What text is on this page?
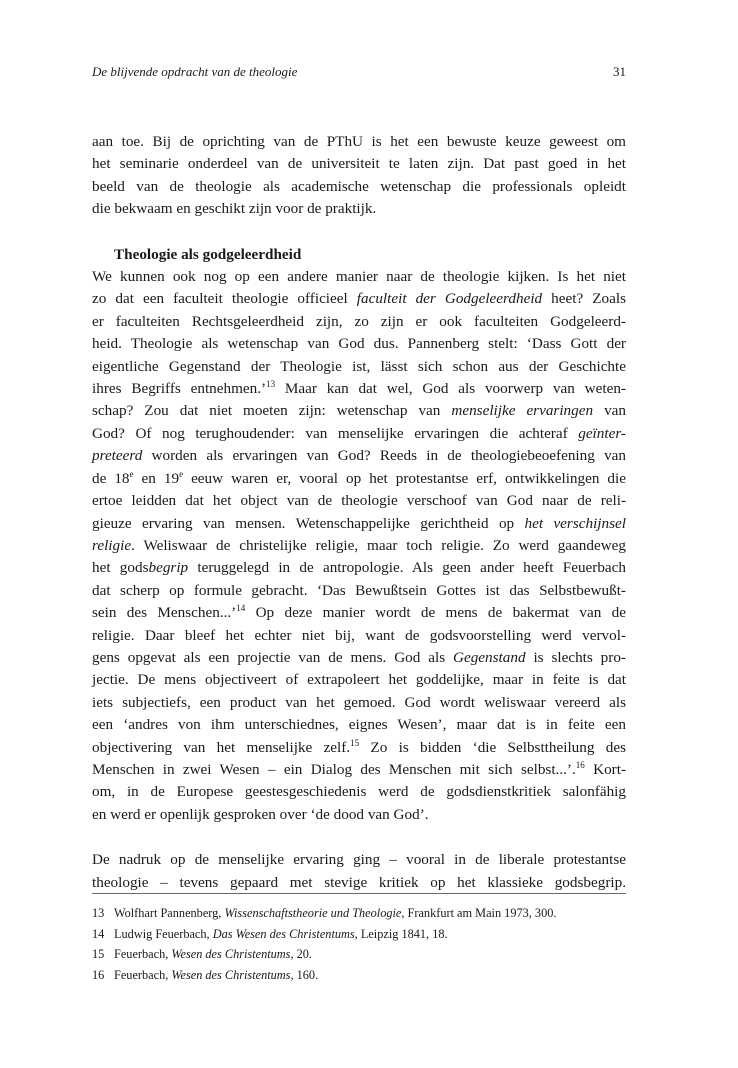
De blijvende opdracht van de theologie	31

aan toe. Bij de oprichting van de PThU is het een bewuste keuze geweest om
het seminarie onderdeel van de universiteit te laten zijn. Dat past goed in het
beeld van de theologie als academische wetenschap die professionals opleidt
die bekwaam en geschikt zijn voor de praktijk.

Theologie als godgeleerdheid

We kunnen ook nog op een andere manier naar de theologie kijken. Is het niet
zo dat een faculteit theologie officieel faculteit der Godgeleerdheid heet? Zoals
er faculteiten Rechtsgeleerdheid zijn, zo zijn er ook faculteiten Godgeleerd-
heid. Theologie als wetenschap van God dus. Pannenberg stelt: ‘Dass Gott der
eigentliche Gegenstand der Theologie ist, lässt sich schon aus der Geschichte
ihres Begriffs entnehmen.’$^{13}$ Maar kan dat wel, God als voorwerp van weten-
schap? Zou dat niet moeten zijn: wetenschap van menselijke ervaringen van
God? Of nog terughoudender: van menselijke ervaringen die achteraf geïnter-
preteerd worden als ervaringen van God? Reeds in de theologiebeoefening van
de 18e en 19e eeuw waren er, vooral op het protestantse erf, ontwikkelingen die
ertoe leidden dat het object van de theologie verschoof van God naar de reli-
gieuze ervaring van mensen. Wetenschappelijke gerichtheid op het verschijnsel
religie. Weliswaar de christelijke religie, maar toch religie. Zo werd gaandeweg
het godsbegrip teruggelegd in de antropologie. Als geen ander heeft Feuerbach
dat scherp op formule gebracht. ‘Das Bewußtsein Gottes ist das Selbstbewußt-
sein des Menschen...’$^{14}$ Op deze manier wordt de mens de bakermat van de
religie. Daar bleef het echter niet bij, want de godsvoorstelling werd vervol-
gens opgevat als een projectie van de mens. God als Gegenstand is slechts pro-
jectie. De mens objectiveert of extrapoleert het goddelijke, maar in feite is dat
iets subjectiefs, een product van het gemoed. God wordt weliswaar vereerd als
een ‘andres von ihm unterschiednes, eignes Wesen’, maar dat is in feite een
objectivering van het menselijke zelf.$^{15}$ Zo is bidden ‘die Selbsttheilung des
Menschen in zwei Wesen – ein Dialog des Menschen mit sich selbst...’.$^{16}$ Kort-
om, in de Europese geestesgeschiedenis werd de godsdienstkritiek salonfähig
en werd er openlijk gesproken over ‘de dood van God’.

De nadruk op de menselijke ervaring ging – vooral in de liberale protestantse
theologie – tevens gepaard met stevige kritiek op het klassieke godsbegrip.

13 Wolfhart Pannenberg, Wissenschaftstheorie und Theologie, Frankfurt am Main 1973, 300.
14 Ludwig Feuerbach, Das Wesen des Christentums, Leipzig 1841, 18.
15 Feuerbach, Wesen des Christentums, 20.
16 Feuerbach, Wesen des Christentums, 160.
